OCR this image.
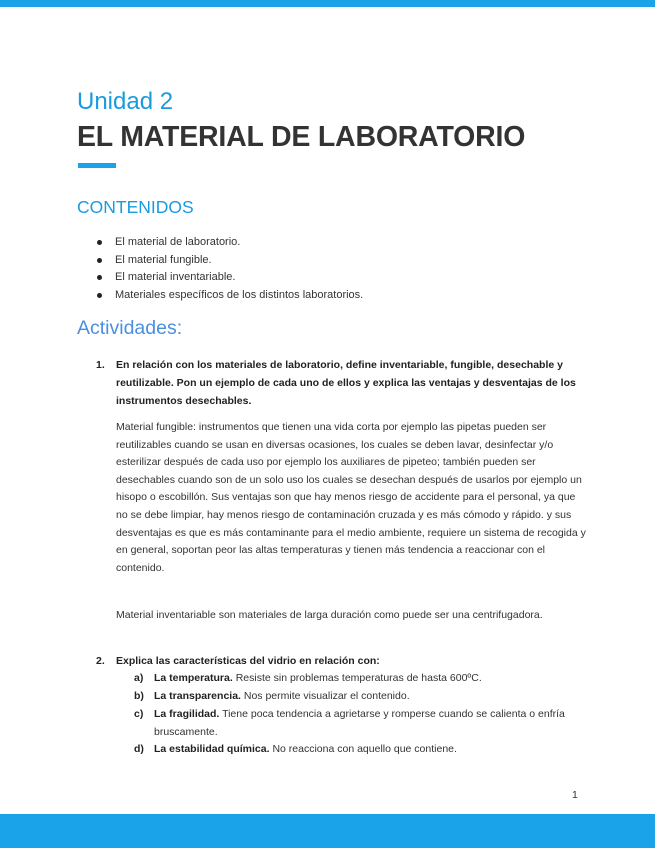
Unidad 2
EL MATERIAL DE LABORATORIO
CONTENIDOS
El material de laboratorio.
El material fungible.
El material inventariable.
Materiales específicos de los distintos laboratorios.
Actividades:
1. En relación con los materiales de laboratorio, define inventariable, fungible, desechable y reutilizable. Pon un ejemplo de cada uno de ellos y explica las ventajas y desventajas de los instrumentos desechables.

Material fungible: instrumentos que tienen una vida corta por ejemplo las pipetas pueden ser reutilizables cuando se usan en diversas ocasiones, los cuales se deben lavar, desinfectar y/o esterilizar después de cada uso por ejemplo los auxiliares de pipeteo; también pueden ser desechables cuando son de un solo uso los cuales se desechan después de usarlos por ejemplo un hisopo o escobillón. Sus ventajas son que hay menos riesgo de accidente para el personal, ya que no se debe limpiar, hay menos riesgo de contaminación cruzada y es más cómodo y rápido. y sus desventajas es que es más contaminante para el medio ambiente, requiere un sistema de recogida y en general, soportan peor las altas temperaturas y tienen más tendencia a reaccionar con el contenido.

Material inventariable son materiales de larga duración como puede ser una centrifugadora.

2. Explica las características del vidrio en relación con:
a) La temperatura. Resiste sin problemas temperaturas de hasta 600ºC.
b) La transparencia. Nos permite visualizar el contenido.
c) La fragilidad. Tiene poca tendencia a agrietarse y romperse cuando se calienta o enfría bruscamente.
d) La estabilidad química. No reacciona con aquello que contiene.
1
